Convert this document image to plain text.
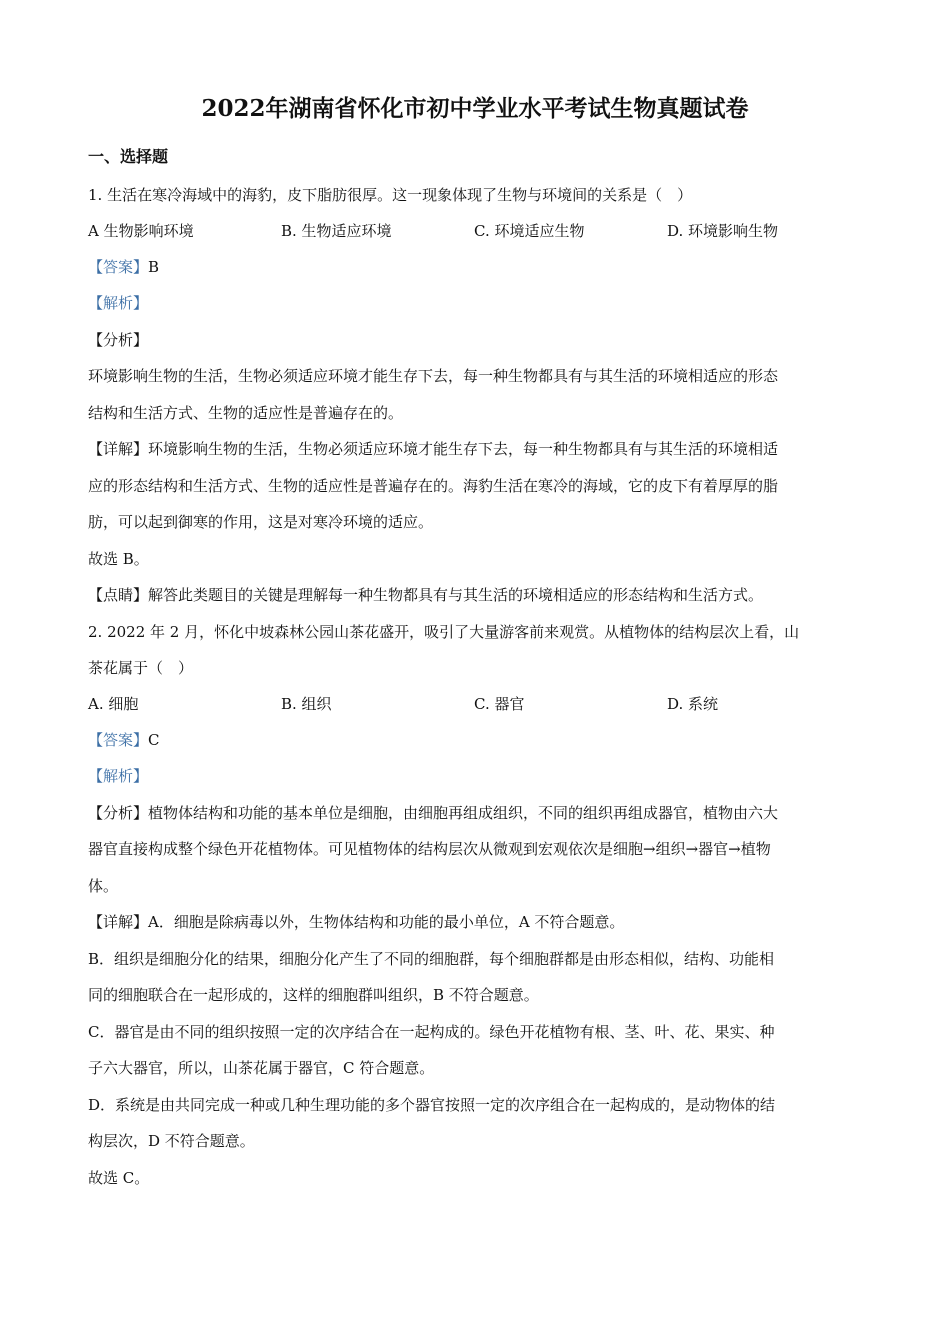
2022年湖南省怀化市初中学业水平考试生物真题试卷
一、选择题

1. 生活在寒冷海域中的海豹，皮下脂肪很厚。这一现象体现了生物与环境间的关系是（　）

A 生物影响环境	B. 生物适应环境	C. 环境适应生物	D. 环境影响生物

【答案】B

【解析】

【分析】

环境影响生物的生活，生物必须适应环境才能生存下去，每一种生物都具有与其生活的环境相适应的形态

结构和生活方式、生物的适应性是普遍存在的。

【详解】环境影响生物的生活，生物必须适应环境才能生存下去，每一种生物都具有与其生活的环境相适

应的形态结构和生活方式、生物的适应性是普遍存在的。海豹生活在寒冷的海域，它的皮下有着厚厚的脂

肪，可以起到御寒的作用，这是对寒冷环境的适应。

故选 B。

【点睛】解答此类题目的关键是理解每一种生物都具有与其生活的环境相适应的形态结构和生活方式。

2. 2022 年 2 月，怀化中坡森林公园山茶花盛开，吸引了大量游客前来观赏。从植物体的结构层次上看，山

茶花属于（　）

A. 细胞	B. 组织	C. 器官	D. 系统

【答案】C

【解析】

【分析】植物体结构和功能的基本单位是细胞，由细胞再组成组织，不同的组织再组成器官，植物由六大

器官直接构成整个绿色开花植物体。可见植物体的结构层次从微观到宏观依次是细胞→组织→器官→植物

体。

【详解】A．细胞是除病毒以外，生物体结构和功能的最小单位，A 不符合题意。

B．组织是细胞分化的结果，细胞分化产生了不同的细胞群，每个细胞群都是由形态相似，结构、功能相

同的细胞联合在一起形成的，这样的细胞群叫组织，B 不符合题意。

C．器官是由不同的组织按照一定的次序结合在一起构成的。绿色开花植物有根、茎、叶、花、果实、种

子六大器官，所以，山茶花属于器官，C 符合题意。

D．系统是由共同完成一种或几种生理功能的多个器官按照一定的次序组合在一起构成的，是动物体的结

构层次，D 不符合题意。

故选 C。
